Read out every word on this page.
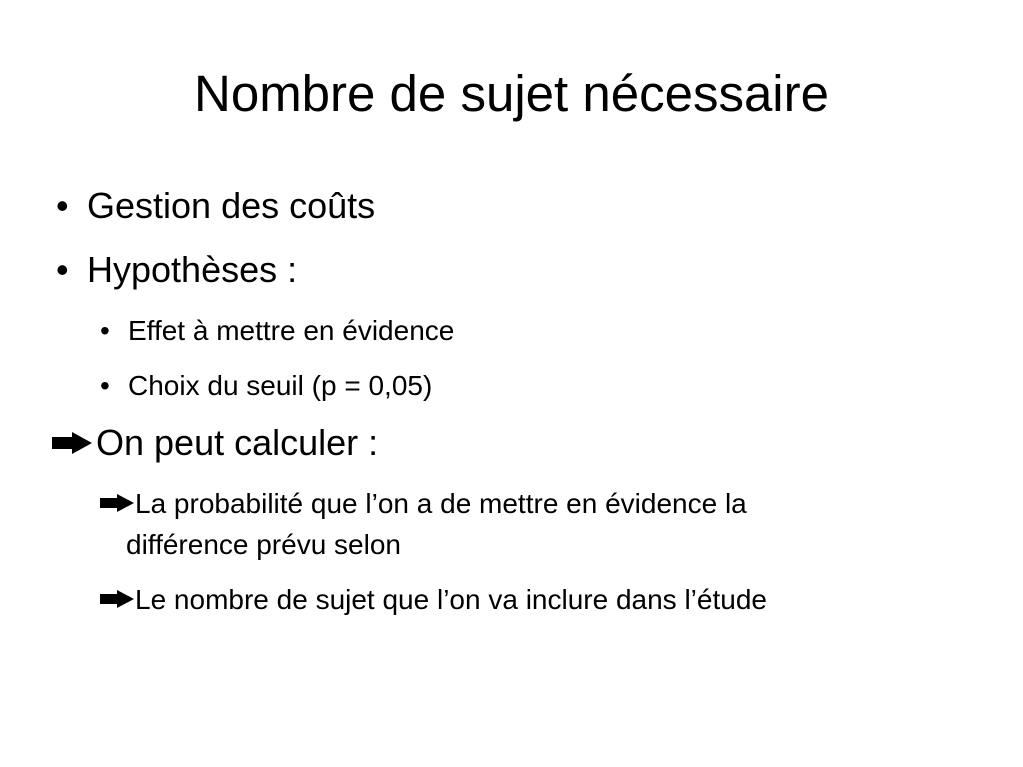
Nombre de sujet nécessaire
• Gestion des coûts
• Hypothèses :
• Effet à mettre en évidence
• Choix du seuil (p = 0,05)
On peut calculer :
La probabilité que l’on a de mettre en évidence la
différence prévu selon
Le nombre de sujet que l’on va inclure dans l’étude
